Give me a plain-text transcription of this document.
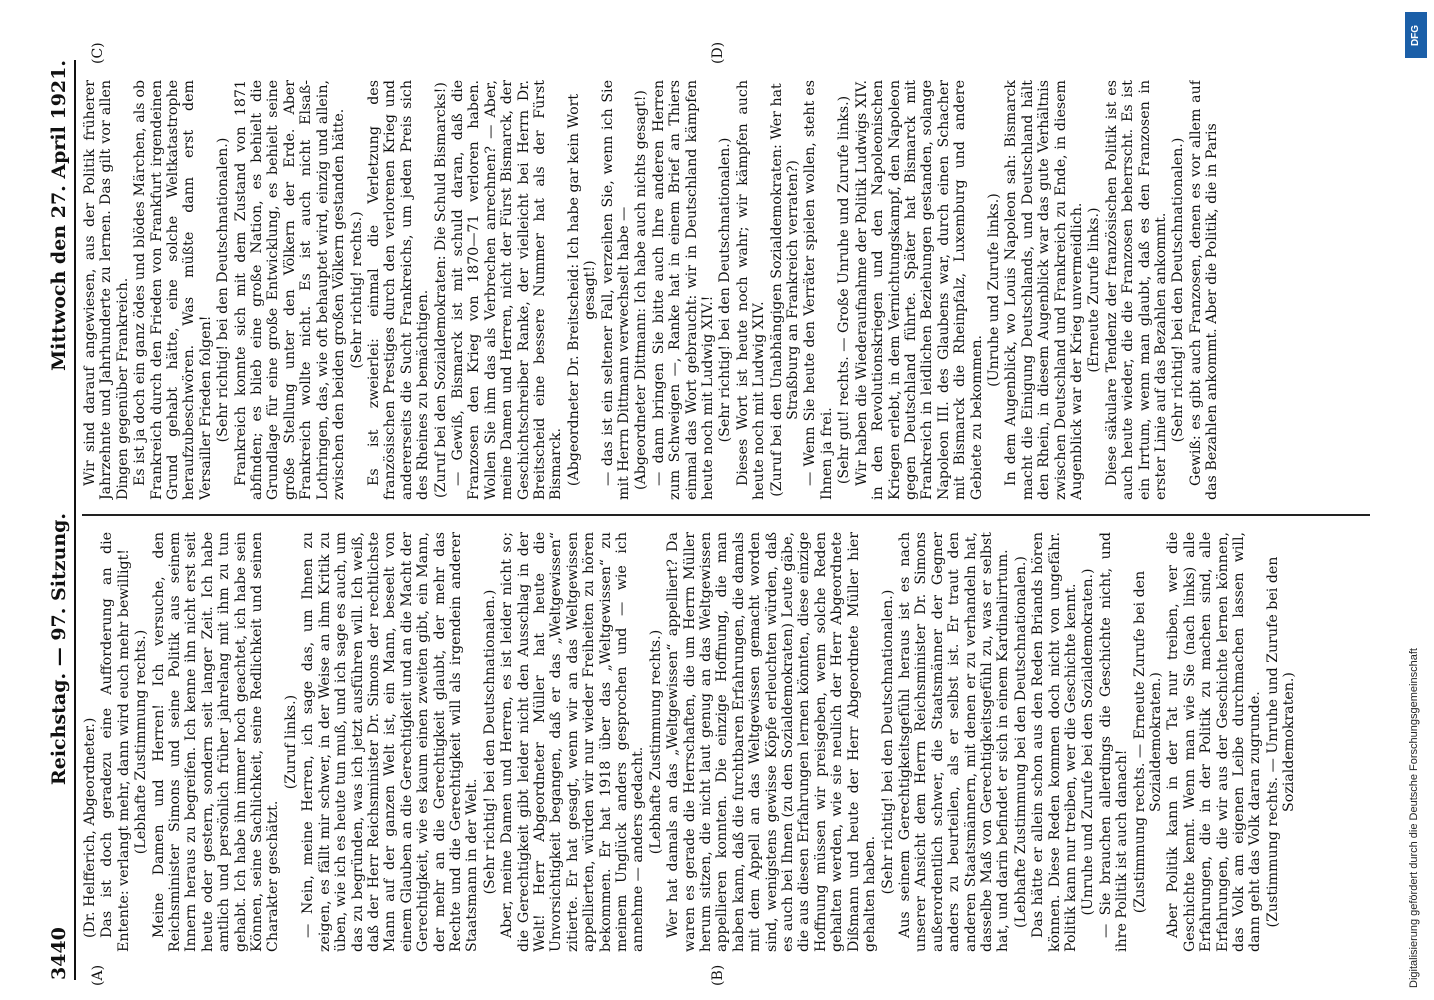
3440
Reichstag. — 97. Sitzung.
Mittwoch den 27. April 1921.
(A)	(B)
(C)	(D)

(Dr. Helfferich, Abgeordneter.) Das ist doch geradezu eine Aufforderung an die Entente: verlangt mehr, dann wird euch mehr bewilligt! (Lebhafte Zustimmung rechts.) Meine Damen und Herren! Ich versuche, den Reichsminister Simons und seine Politik aus seinem Innern heraus zu begreifen. Ich kenne ihn nicht erst seit heute oder gestern, sondern seit langer Zeit. Ich habe amtlich und persönlich früher jahrelang mit ihm zu tun gehabt. Ich habe ihn immer hoch geachtet, ich habe sein Können, seine Sachlichkeit, seine Redlichkeit und seinen Charakter geschätzt.

(Zuruf links.) — Nein, meine Herren, ich sage das, um Ihnen zu zeigen, es fällt mir schwer, in der Weise an ihm Kritik zu üben, wie ich es heute tun muß, und ich sage es auch, um das zu begründen, was ich jetzt ausführen will. Ich weiß, daß der Herr Reichsminister Dr. Simons der rechtlichste Mann auf der ganzen Welt ist, ein Mann, beseelt von einem Glauben an die Gerechtigkeit und an die Macht der Gerechtigkeit, wie es kaum einen zweiten gibt, ein Mann, der mehr an die Gerechtigkeit glaubt, der mehr das Rechte und die Gerechtigkeit will als irgendein anderer Staatsmann in der Welt. (Sehr richtig! bei den Deutschnationalen.) Aber, meine Damen und Herren, es ist leider nicht so; die Gerechtigkeit gibt leider nicht den Ausschlag in der Welt! Herr Abgeordneter Müller hat heute die Unvorsichtigkeit begangen, daß er das „Weltgewissen“ zitierte. Er hat gesagt, wenn wir an das Weltgewissen appellierten, würden wir nur wieder Freiheiten zu hören bekommen. Er hat 1918 über das „Weltgewissen“ zu meinem Unglück anders gesprochen und — wie ich annehme — anders gedacht. (Lebhafte Zustimmung rechts.) Wer hat damals an das „Weltgewissen“ appelliert? Da waren es gerade die Herrschaften, die um Herrn Müller herum sitzen, die nicht laut genug an das Weltgewissen appellieren konnten. Die einzige Hoffnung, die man haben kann, daß die furchtbaren Erfahrungen, die damals mit dem Appell an das Weltgewissen gemacht worden sind, wenigstens gewisse Köpfe erleuchten würden, daß es auch bei Ihnen (zu den Sozialdemokraten) Leute gäbe, die aus diesen Erfahrungen lernen könnten, diese einzige Hoffnung müssen wir preisgeben, wenn solche Reden gehalten werden, wie sie neulich der Herr Abgeordnete Dißmann und heute der Herr Abgeordnete Müller hier gehalten haben. (Sehr richtig! bei den Deutschnationalen.) Aus seinem Gerechtigkeitsgefühl heraus ist es nach unserer Ansicht dem Herrn Reichsminister Dr. Simons außerordentlich schwer, die Staatsmänner der Gegner anders zu beurteilen, als er selbst ist. Er traut den anderen Staatsmännern, mit denen er zu verhandeln hat, dasselbe Maß von Gerechtigkeitsgefühl zu, was er selbst hat, und darin befindet er sich in einem Kardinalirrtum. (Lebhafte Zustimmung bei den Deutschnationalen.) Das hätte er allein schon aus den Reden Briands hören können. Diese Reden kommen doch nicht von ungefähr. Politik kann nur treiben, wer die Geschichte kennt. (Unruhe und Zurufe bei den Sozialdemokraten.) — Sie brauchen allerdings die Geschichte nicht, und ihre Politik ist auch danach! (Zustimmung rechts. — Erneute Zurufe bei den Sozialdemokraten.) Aber Politik kann in der Tat nur treiben, wer die Geschichte kennt. Wenn man wie Sie (nach links) alle Erfahrungen, die in der Politik zu machen sind, alle Erfahrungen, die wir aus der Geschichte lernen können, das Volk am eigenen Leibe durchmachen lassen will, dann geht das Volk daran zugrunde. (Zustimmung rechts. — Unruhe und Zurufe bei den Sozialdemokraten.)

Wir sind darauf angewiesen, aus der Politik früherer Jahrzehnte und Jahrhunderte zu lernen. Das gilt vor allen Dingen gegenüber Frankreich. Es ist ja doch ein ganz ödes und blödes Märchen, als ob Frankreich durch den Frieden von Frankfurt irgendeinen Grund gehabt hätte, eine solche Weltkatastrophe heraufzubeschwören. Was müßte dann erst dem Versailler Frieden folgen! (Sehr richtig! bei den Deutschnationalen.) Frankreich konnte sich mit dem Zustand von 1871 abfinden; es blieb eine große Nation, es behielt die Grundlage für eine große Entwicklung, es behielt seine große Stellung unter den Völkern der Erde. Aber Frankreich wollte nicht. Es ist auch nicht Elsaß-Lothringen, das, wie oft behauptet wird, einzig und allein, zwischen den beiden großen Völkern gestanden hätte. (Sehr richtig! rechts.) Es ist zweierlei: einmal die Verletzung des französischen Prestiges durch den verlorenen Krieg und andererseits die Sucht Frankreichs, um jeden Preis sich des Rheines zu bemächtigen. (Zuruf bei den Sozialdemokraten: Die Schuld Bismarcks!) — Gewiß, Bismarck ist mit schuld daran, daß die Franzosen den Krieg von 1870—71 verloren haben. Wollen Sie ihm das als Verbrechen anrechnen? — Aber, meine Damen und Herren, nicht der Fürst Bismarck, der Geschichtschreiber Ranke, der vielleicht bei Herrn Dr. Breitscheid eine bessere Nummer hat als der Fürst Bismarck. (Abgeordneter Dr. Breitscheid: Ich habe gar kein Wort gesagt!) — das ist ein seltener Fall, verzeihen Sie, wenn ich Sie mit Herrn Dittmann verwechselt habe — (Abgeordneter Dittmann: Ich habe auch nichts gesagt!) — dann bringen Sie bitte auch Ihre anderen Herren zum Schweigen —, Ranke hat in einem Brief an Thiers einmal das Wort gebraucht: wir in Deutschland kämpfen heute noch mit Ludwig XIV.! (Sehr richtig! bei den Deutschnationalen.) Dieses Wort ist heute noch wahr; wir kämpfen auch heute noch mit Ludwig XIV. (Zuruf bei den Unabhängigen Sozialdemokraten: Wer hat Straßburg an Frankreich verraten?) — Wenn Sie heute den Verräter spielen wollen, steht es Ihnen ja frei. (Sehr gut! rechts. — Große Unruhe und Zurufe links.) Wir haben die Wiederaufnahme der Politik Ludwigs XIV. in den Revolutionskriegen und den Napoleonischen Kriegen erlebt, in dem Vernichtungskampf, den Napoleon gegen Deutschland führte. Später hat Bismarck mit Frankreich in leidlichen Beziehungen gestanden, solange Napoleon III. des Glaubens war, durch einen Schacher mit Bismarck die Rheinpfalz, Luxemburg und andere Gebiete zu bekommen.

(Unruhe und Zurufe links.) In dem Augenblick, wo Louis Napoleon sah: Bismarck macht die Einigung Deutschlands, und Deutschland hält den Rhein, in diesem Augenblick war das gute Verhältnis zwischen Deutschland und Frankreich zu Ende, in diesem Augenblick war der Krieg unvermeidlich. (Erneute Zurufe links.) Diese säkulare Tendenz der französischen Politik ist es auch heute wieder, die die Franzosen beherrscht. Es ist ein Irrtum, wenn man glaubt, daß es den Franzosen in erster Linie auf das Bezahlen ankommt. (Sehr richtig! bei den Deutschnationalen.) Gewiß: es gibt auch Franzosen, denen es vor allem auf das Bezahlen ankommt. Aber die Politik, die in Paris

DFG
Digitalisierung gefördert durch die Deutsche Forschungsgemeinschaft
